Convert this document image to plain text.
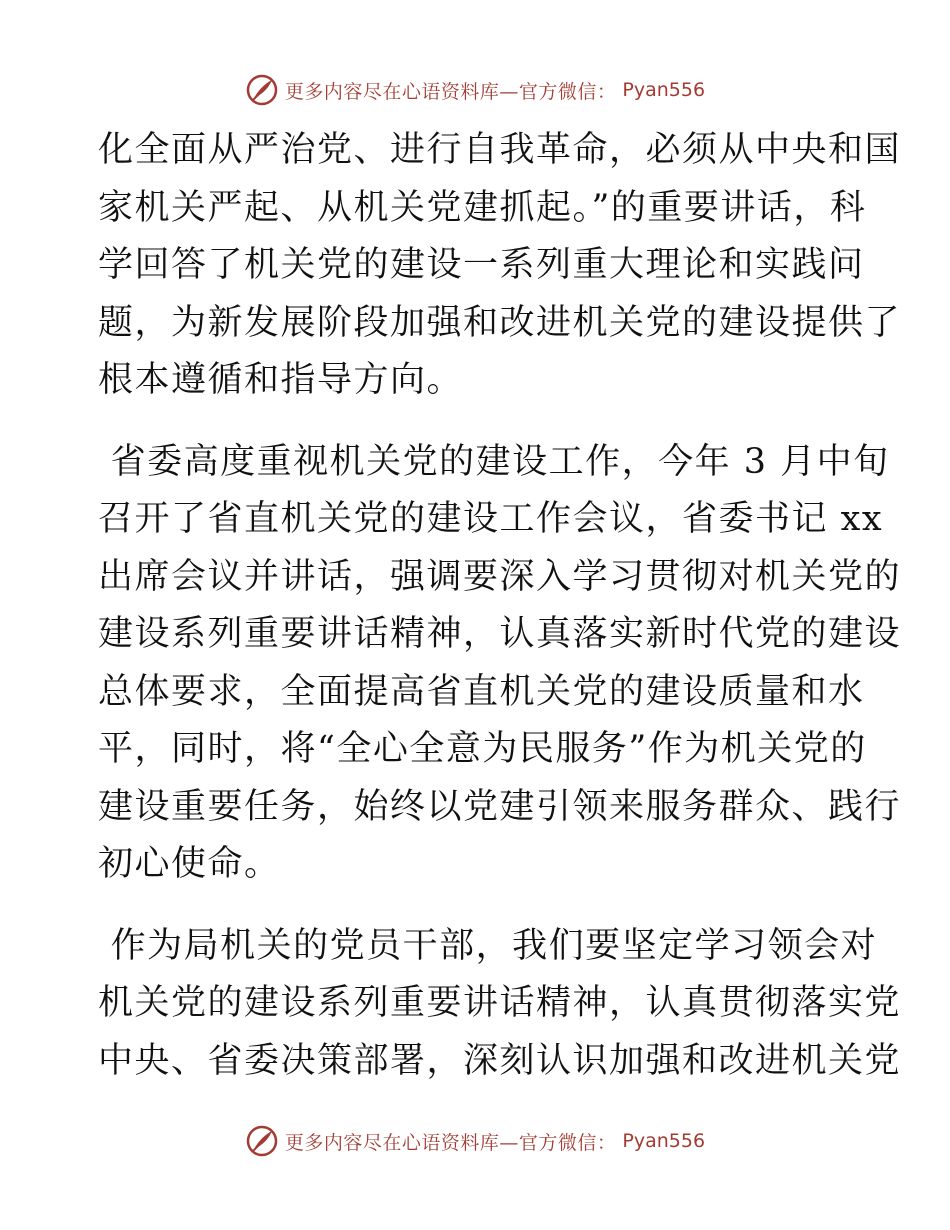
更多内容尽在心语资料库—官方微信： Pyan556
化全面从严治党、进行自我革命，必须从中央和国
家机关严起、从机关党建抓起。”的重要讲话，科
学回答了机关党的建设一系列重大理论和实践问
题，为新发展阶段加强和改进机关党的建设提供了
根本遵循和指导方向。
省委高度重视机关党的建设工作，今年 3 月中旬
召开了省直机关党的建设工作会议，省委书记 xx
出席会议并讲话，强调要深入学习贯彻对机关党的
建设系列重要讲话精神，认真落实新时代党的建设
总体要求，全面提高省直机关党的建设质量和水
平，同时，将“全心全意为民服务”作为机关党的
建设重要任务，始终以党建引领来服务群众、践行
初心使命。
作为局机关的党员干部，我们要坚定学习领会对
机关党的建设系列重要讲话精神，认真贯彻落实党
中央、省委决策部署，深刻认识加强和改进机关党
更多内容尽在心语资料库—官方微信： Pyan556
